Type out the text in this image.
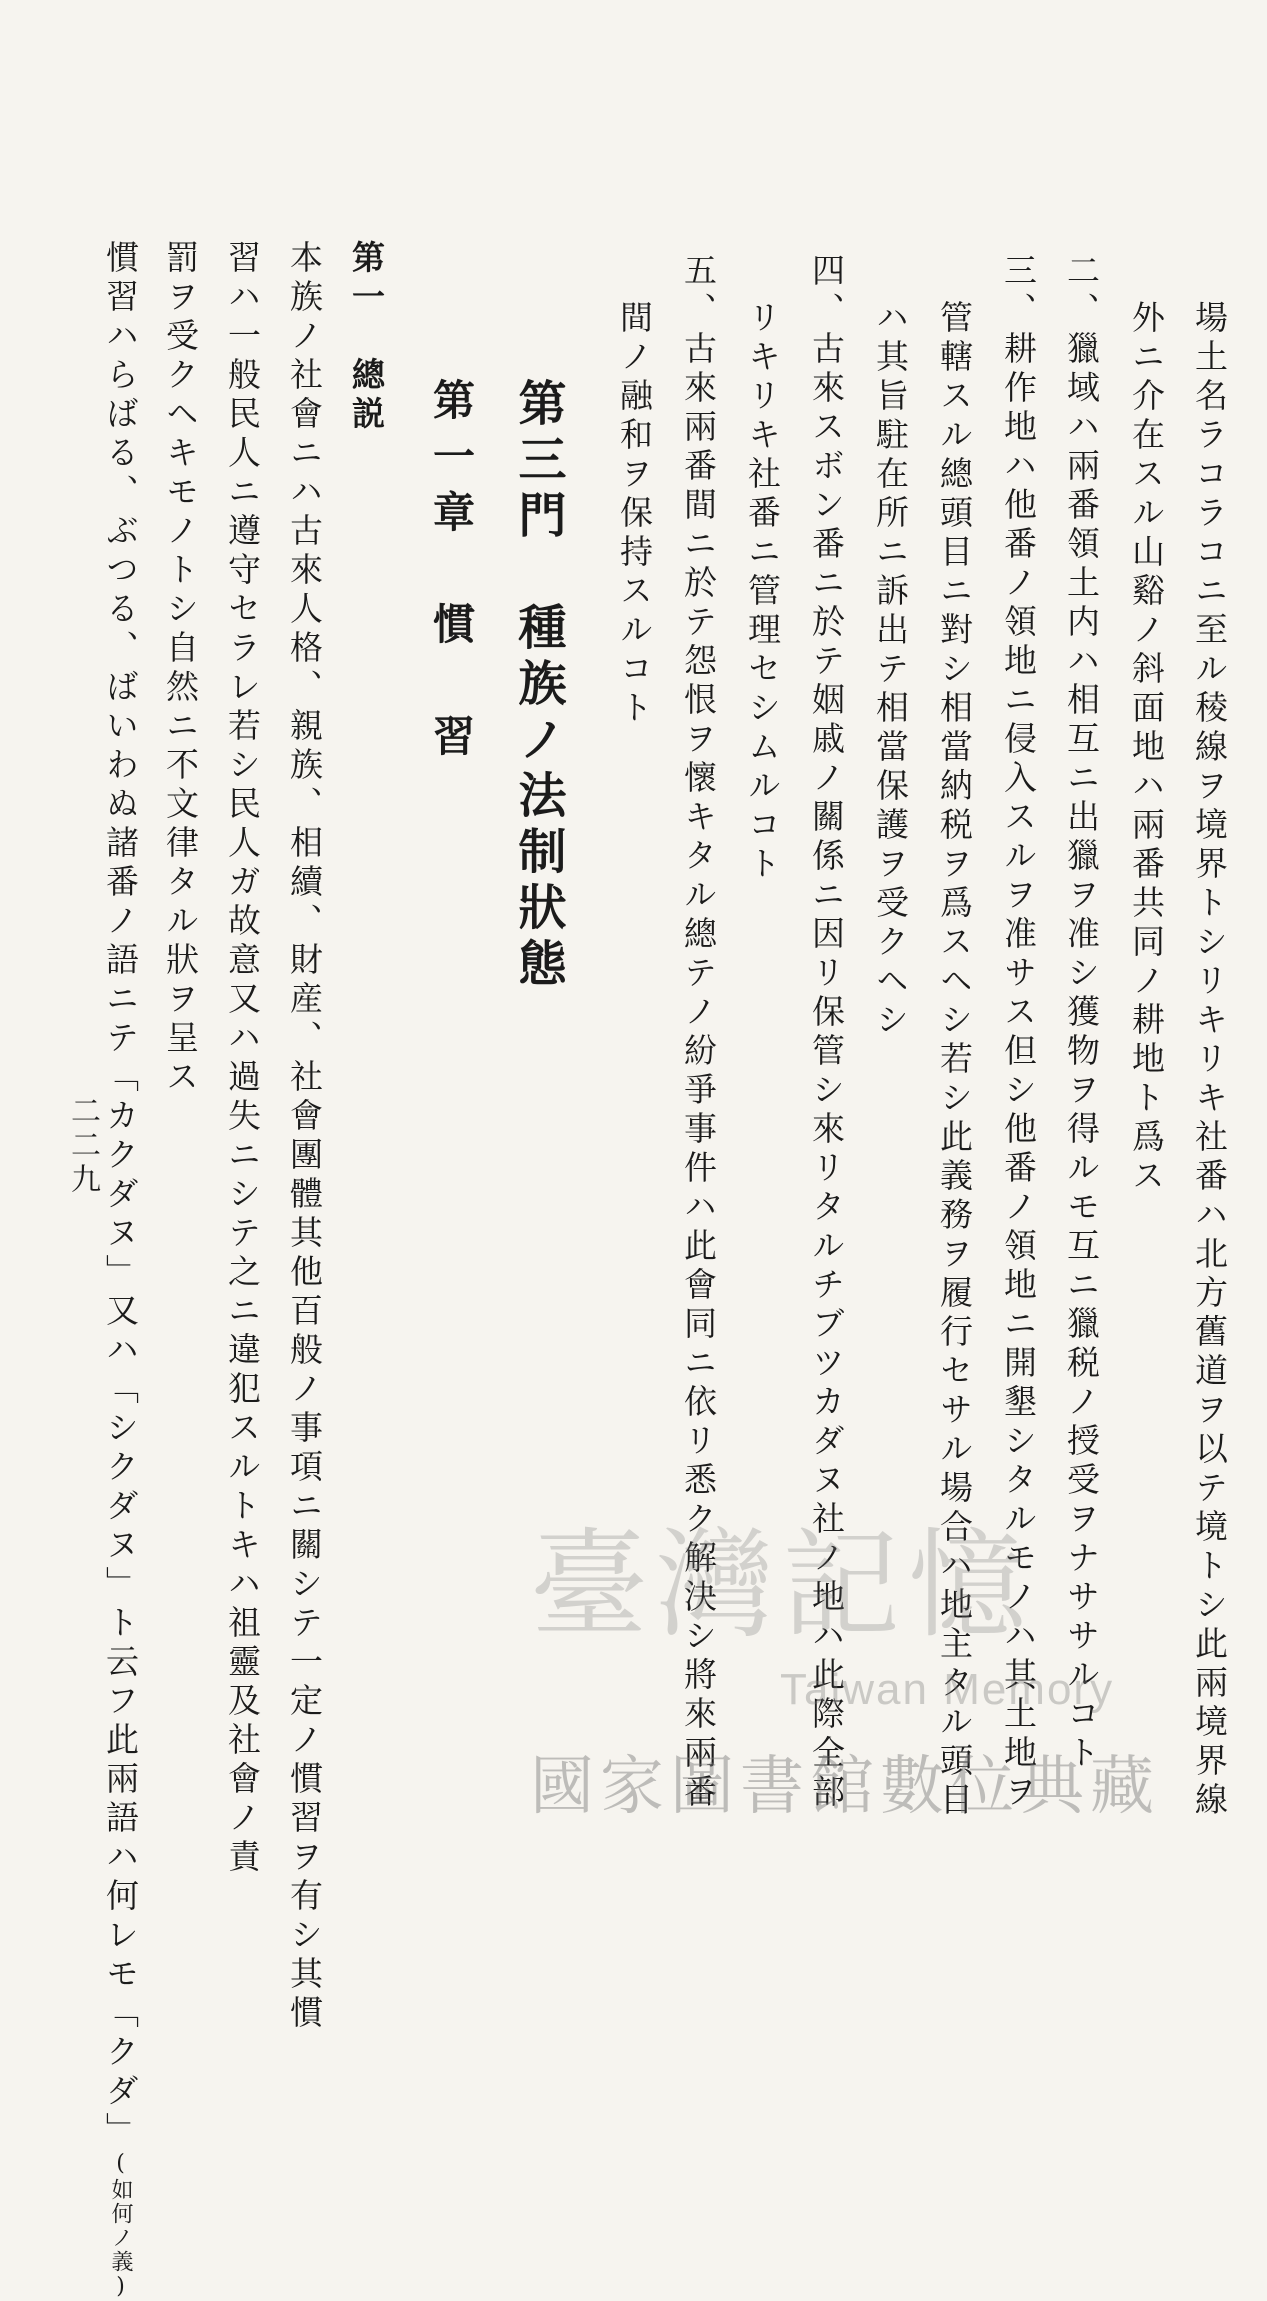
場土名ラコラコニ至ル稜線ヲ境界トシリキリキ社番ハ北方舊道ヲ以テ境トシ此兩境界線
外ニ介在スル山谿ノ斜面地ハ兩番共同ノ耕地ト爲ス
二、獵域ハ兩番領土内ハ相互ニ出獵ヲ准シ獲物ヲ得ルモ互ニ獵税ノ授受ヲナササルコト
三、耕作地ハ他番ノ領地ニ侵入スルヲ准サス但シ他番ノ領地ニ開墾シタルモノハ其土地ヲ
管轄スル總頭目ニ對シ相當納税ヲ爲スヘシ若シ此義務ヲ履行セサル場合ハ地主タル頭目
ハ其旨駐在所ニ訴出テ相當保護ヲ受クヘシ
四、古來スボン番ニ於テ姻戚ノ關係ニ因リ保管シ來リタルチブツカダヌ社ノ地ハ此際全部
リキリキ社番ニ管理セシムルコト
五、古來兩番間ニ於テ怨恨ヲ懷キタル總テノ紛爭事件ハ此會同ニ依リ悉ク解決シ將來兩番
間ノ融和ヲ保持スルコト
第三門　種族ノ法制狀態
第一章　慣　習
第一　總説
本族ノ社會ニハ古來人格、親族、相續、財産、社會團體其他百般ノ事項ニ關シテ一定ノ慣習ヲ有シ其慣
習ハ一般民人ニ遵守セラレ若シ民人ガ故意又ハ過失ニシテ之ニ違犯スルトキハ祖靈及社會ノ責
罰ヲ受クヘキモノトシ自然ニ不文律タル狀ヲ呈ス
慣習ハらばる、ぶつる、ばいわぬ諸番ノ語ニテ「カクダヌ」又ハ「シクダヌ」ト云フ此兩語ハ何レモ「クダ」(如何ノ義)
二二九
臺灣記憶
Taiwan Memory
國家圖書館數位典藏
